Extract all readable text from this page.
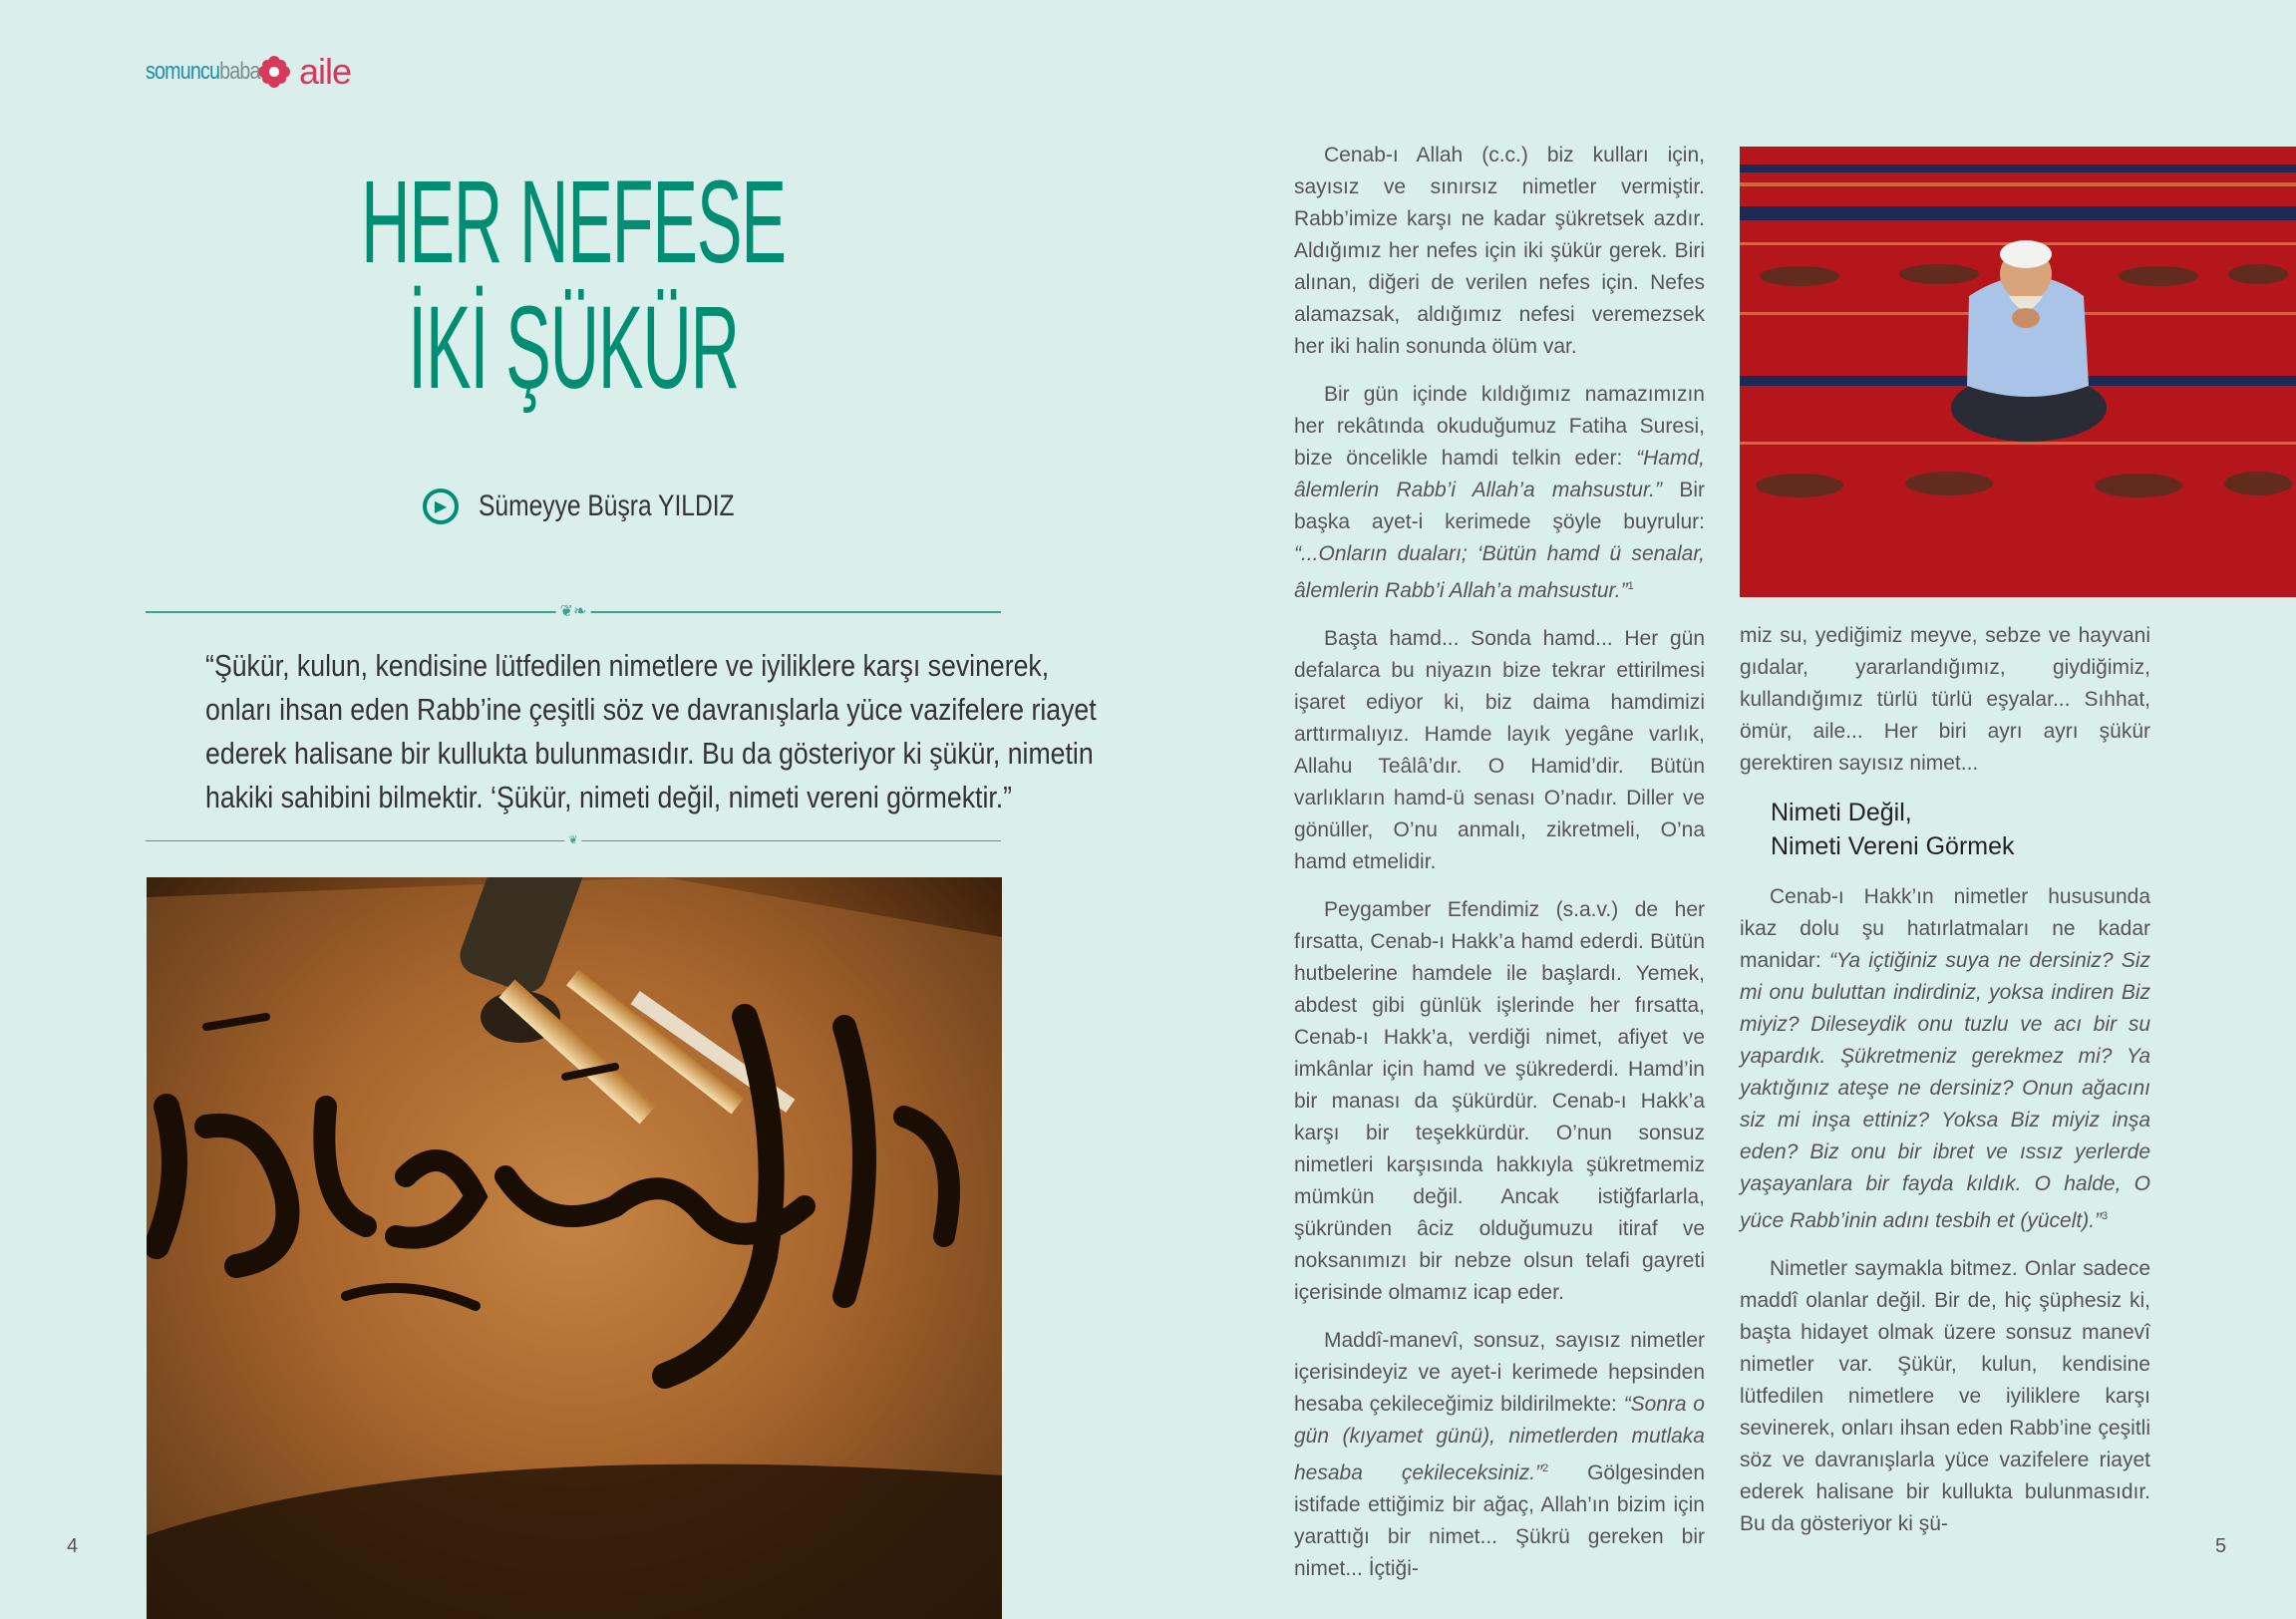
somuncubaba aile
HER NEFESE
İKİ ŞÜKÜR
▶	Sümeyye Büşra YILDIZ
❦❧
❦
“Şükür, kulun, kendisine lütfedilen nimetlere ve iyiliklere karşı sevinerek,
onları ihsan eden Rabb’ine çeşitli söz ve davranışlarla yüce vazifelere riayet
ederek halisane bir kullukta bulunmasıdır. Bu da gösteriyor ki şükür, nimetin
hakiki sahibini bilmektir. ‘Şükür, nimeti değil, nimeti vereni görmektir.”

Cenab-ı Allah (c.c.) biz kulları için, sayısız ve sınırsız nimetler vermiştir. Rabb’imize karşı ne kadar şükretsek azdır. Aldığımız her nefes için iki şükür gerek. Biri alınan, diğeri de verilen nefes için. Nefes alamazsak, aldığımız nefesi veremezsek her iki halin sonunda ölüm var.

Bir gün içinde kıldığımız namazımızın her rekâtında okuduğumuz Fatiha Suresi, bize öncelikle hamdi telkin eder: “Hamd, âlemlerin Rabb’i Allah’a mahsustur.” Bir başka ayet-i kerimede şöyle buyrulur: “...Onların duaları; ‘Bütün hamd ü senalar, âlemlerin Rabb’i Allah’a mahsustur.”$^1$

Başta hamd... Sonda hamd... Her gün defalarca bu niyazın bize tekrar ettirilmesi işaret ediyor ki, biz daima hamdimizi arttırmalıyız. Hamde layık yegâne varlık, Allahu Teâlâ’dır. O Hamid’dir. Bütün varlıkların hamd-ü senası O’nadır. Diller ve gönüller, O’nu anmalı, zikretmeli, O’na hamd etmelidir.

Peygamber Efendimiz (s.a.v.) de her fırsatta, Cenab-ı Hakk’a hamd ederdi. Bütün hutbelerine hamdele ile başlardı. Yemek, abdest gibi günlük işlerinde her fırsatta, Cenab-ı Hakk’a, verdiği nimet, afiyet ve imkânlar için hamd ve şükrederdi. Hamd’in bir manası da şükürdür. Cenab-ı Hakk’a karşı bir teşekkürdür. O’nun sonsuz nimetleri karşısında hakkıyla şükretmemiz mümkün değil. Ancak istiğfarlarla, şükründen âciz olduğumuzu itiraf ve noksanımızı bir nebze olsun telafi gayreti içerisinde olmamız icap eder.

Maddî-manevî, sonsuz, sayısız nimetler içerisindeyiz ve ayet-i kerimede hepsinden hesaba çekileceğimiz bildirilmekte: “Sonra o gün (kıyamet günü), nimetlerden mutlaka hesaba çekileceksiniz.”$^2$ Gölgesinden istifade ettiğimiz bir ağaç, Allah’ın bizim için yarattığı bir nimet... Şükrü gereken bir nimet... İçtiği-

miz su, yediğimiz meyve, sebze ve hayvani gıdalar, yararlandığımız, giydiğimiz, kullandığımız türlü türlü eşyalar... Sıhhat, ömür, aile... Her biri ayrı ayrı şükür gerektiren sayısız nimet...

Nimeti Değil,
Nimeti Vereni Görmek

Cenab-ı Hakk’ın nimetler hususunda ikaz dolu şu hatırlatmaları ne kadar manidar: “Ya içtiğiniz suya ne dersiniz? Siz mi onu buluttan indirdiniz, yoksa indiren Biz miyiz? Dileseydik onu tuzlu ve acı bir su yapardık. Şükretmeniz gerekmez mi? Ya yaktığınız ateşe ne dersiniz? Onun ağacını siz mi inşa ettiniz? Yoksa Biz miyiz inşa eden? Biz onu bir ibret ve ıssız yerlerde yaşayanlara bir fayda kıldık. O halde, O yüce Rabb’inin adını tesbih et (yücelt).”$^3$

Nimetler saymakla bitmez. Onlar sadece maddî olanlar değil. Bir de, hiç şüphesiz ki, başta hidayet olmak üzere sonsuz manevî nimetler var. Şükür, kulun, kendisine lütfedilen nimetlere ve iyiliklere karşı sevinerek, onları ihsan eden Rabb’ine çeşitli söz ve davranışlarla yüce vazifelere riayet ederek halisane bir kullukta bulunmasıdır. Bu da gösteriyor ki şü-

4	5
